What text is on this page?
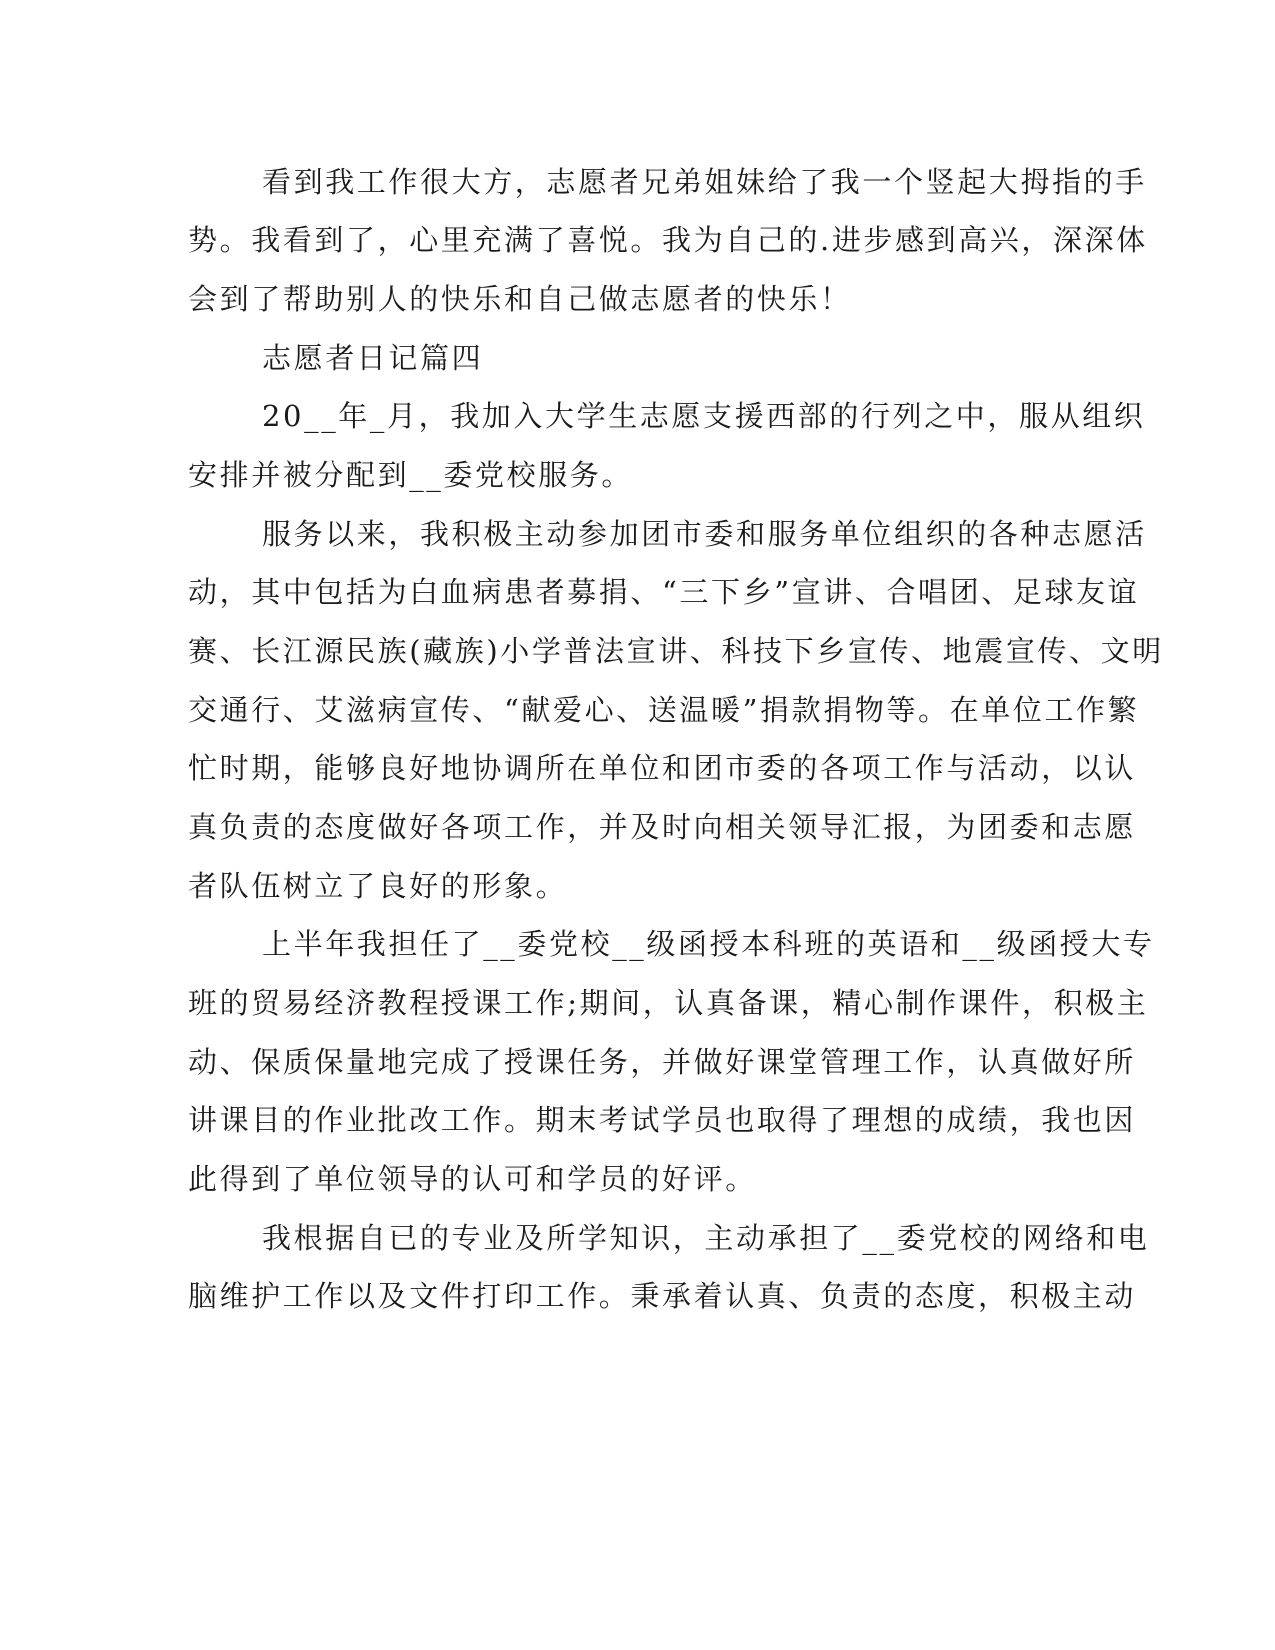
看到我工作很大方，志愿者兄弟姐妹给了我一个竖起大拇指的手
势。我看到了，心里充满了喜悦。我为自己的.进步感到高兴，深深体
会到了帮助别人的快乐和自己做志愿者的快乐！
志愿者日记篇四
20__年_月，我加入大学生志愿支援西部的行列之中，服从组织
安排并被分配到__委党校服务。
服务以来，我积极主动参加团市委和服务单位组织的各种志愿活
动，其中包括为白血病患者募捐、“三下乡”宣讲、合唱团、足球友谊
赛、长江源民族(藏族)小学普法宣讲、科技下乡宣传、地震宣传、文明
交通行、艾滋病宣传、“献爱心、送温暖”捐款捐物等。在单位工作繁
忙时期，能够良好地协调所在单位和团市委的各项工作与活动，以认
真负责的态度做好各项工作，并及时向相关领导汇报，为团委和志愿
者队伍树立了良好的形象。
上半年我担任了__委党校__级函授本科班的英语和__级函授大专
班的贸易经济教程授课工作;期间，认真备课，精心制作课件，积极主
动、保质保量地完成了授课任务，并做好课堂管理工作，认真做好所
讲课目的作业批改工作。期末考试学员也取得了理想的成绩，我也因
此得到了单位领导的认可和学员的好评。
我根据自已的专业及所学知识，主动承担了__委党校的网络和电
脑维护工作以及文件打印工作。秉承着认真、负责的态度，积极主动
